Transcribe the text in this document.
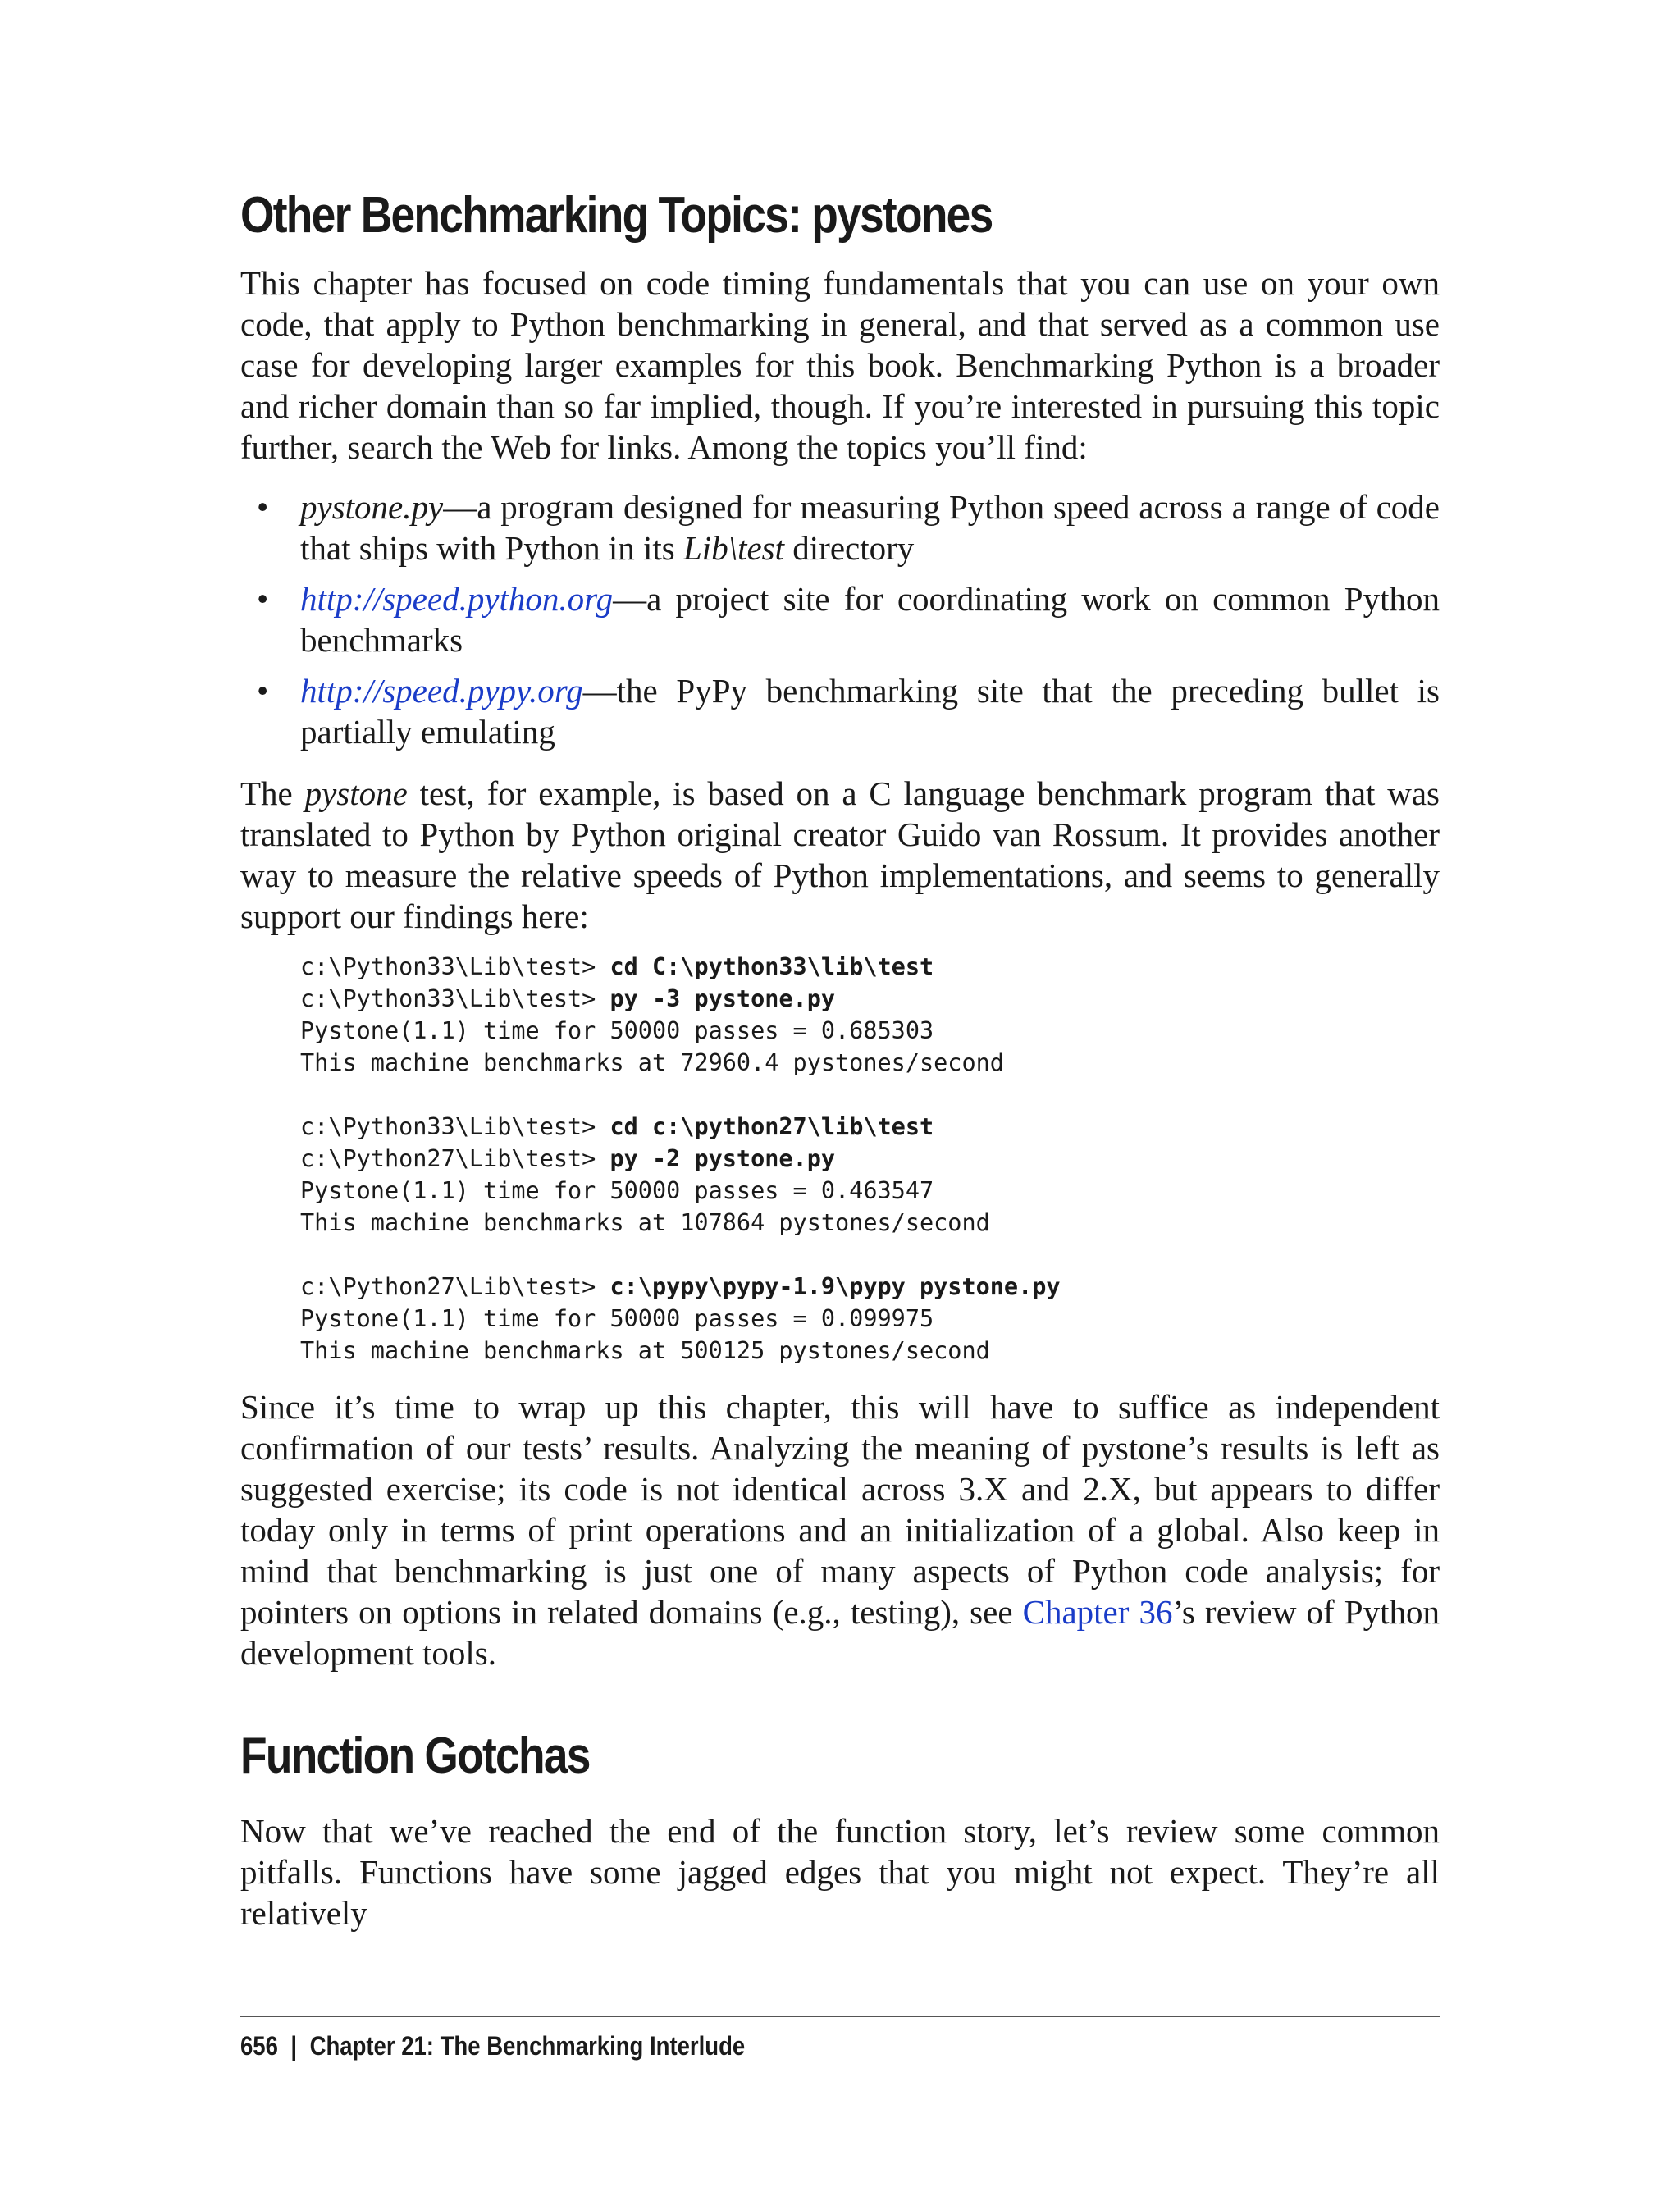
Other Benchmarking Topics: pystones

This chapter has focused on code timing fundamentals that you can use on your own code, that apply to Python benchmarking in general, and that served as a common use case for developing larger examples for this book. Benchmarking Python is a broader and richer domain than so far implied, though. If you’re interested in pursuing this topic further, search the Web for links. Among the topics you’ll find:

• pystone.py—a program designed for measuring Python speed across a range of code that ships with Python in its Lib\test directory
• http://speed.python.org—a project site for coordinating work on common Python benchmarks
• http://speed.pypy.org—the PyPy benchmarking site that the preceding bullet is partially emulating

The pystone test, for example, is based on a C language benchmark program that was translated to Python by Python original creator Guido van Rossum. It provides another way to measure the relative speeds of Python implementations, and seems to generally support our findings here:

c:\Python33\Lib\test> cd C:\python33\lib\test
c:\Python33\Lib\test> py -3 pystone.py
Pystone(1.1) time for 50000 passes = 0.685303
This machine benchmarks at 72960.4 pystones/second
c:\Python33\Lib\test> cd c:\python27\lib\test
c:\Python27\Lib\test> py -2 pystone.py
Pystone(1.1) time for 50000 passes = 0.463547
This machine benchmarks at 107864 pystones/second
c:\Python27\Lib\test> c:\pypy\pypy-1.9\pypy pystone.py
Pystone(1.1) time for 50000 passes = 0.099975
This machine benchmarks at 500125 pystones/second

Since it’s time to wrap up this chapter, this will have to suffice as independent confirmation of our tests’ results. Analyzing the meaning of pystone’s results is left as suggested exercise; its code is not identical across 3.X and 2.X, but appears to differ today only in terms of print operations and an initialization of a global. Also keep in mind that benchmarking is just one of many aspects of Python code analysis; for pointers on options in related domains (e.g., testing), see Chapter 36’s review of Python development tools.

Function Gotchas

Now that we’ve reached the end of the function story, let’s review some common pitfalls. Functions have some jagged edges that you might not expect. They’re all relatively

656 | Chapter 21: The Benchmarking Interlude
